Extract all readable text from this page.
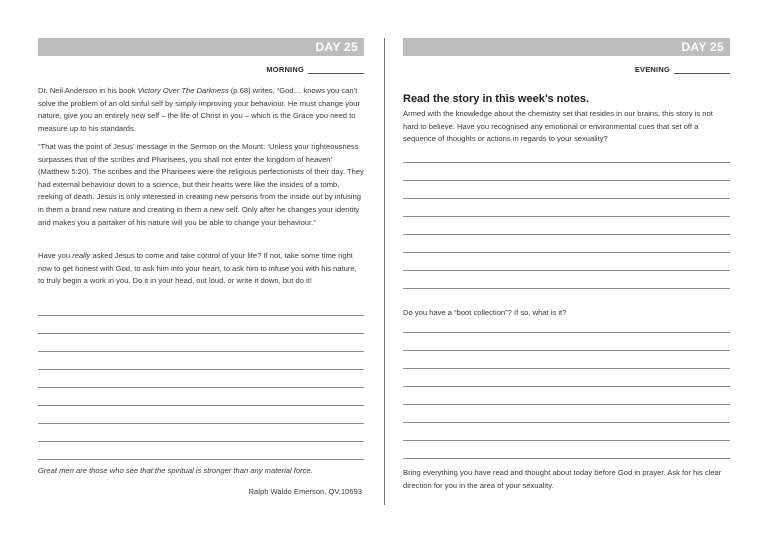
DAY 25
MORNING

Dr. Neil Anderson in his book Victory Over The Darkness (p.68) writes, “God… knows you can’t solve the problem of an old sinful self by simply improving your behaviour. He must change your nature, give you an entirely new self – the life of Christ in you – which is the Grace you need to measure up to his standards.

“That was the point of Jesus’ message in the Sermon on the Mount: ‘Unless your righteousness surpasses that of the scribes and Pharisees, you shall not enter the kingdom of heaven’ (Matthew 5:20). The scribes and the Pharisees were the religious perfectionists of their day. They had external behaviour down to a science, but their hearts were like the insides of a tomb, reeking of death. Jesus is only interested in creating new persons from the inside out by infusing in them a brand new nature and creating in them a new self. Only after he changes your identity and makes you a partaker of his nature will you be able to change your behaviour.”

Have you really asked Jesus to come and take control of your life? If not, take some time right now to get honest with God, to ask him into your heart, to ask him to infuse you with his nature, to truly begin a work in you. Do it in your head, out loud, or write it down, but do it!

Great men are those who see that the spiritual is stronger than any material force.

Ralph Waldo Emerson, QV.10693

DAY 25
EVENING

Read the story in this week’s notes.

Armed with the knowledge about the chemistry set that resides in our brains, this story is not hard to believe. Have you recognised any emotional or environmental cues that set off a sequence of thoughts or actions in regards to your sexuality?

Do you have a “boot collection”? If so, what is it?

Bring everything you have read and thought about today before God in prayer. Ask for his clear direction for you in the area of your sexuality.
